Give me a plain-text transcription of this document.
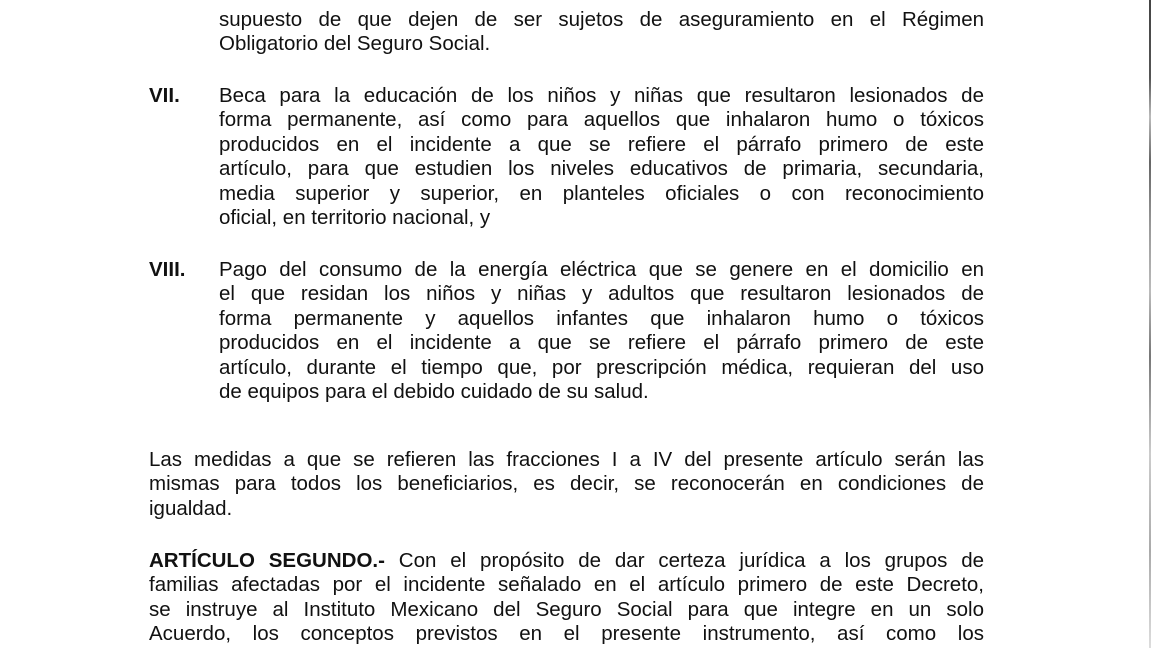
supuesto de que dejen de ser sujetos de aseguramiento en el Régimen
Obligatorio del Seguro Social.
VII. Beca para la educación de los niños y niñas que resultaron lesionados de
forma permanente, así como para aquellos que inhalaron humo o tóxicos
producidos en el incidente a que se refiere el párrafo primero de este
artículo, para que estudien los niveles educativos de primaria, secundaria,
media superior y superior, en planteles oficiales o con reconocimiento
oficial, en territorio nacional, y
VIII. Pago del consumo de la energía eléctrica que se genere en el domicilio en
el que residan los niños y niñas y adultos que resultaron lesionados de
forma permanente y aquellos infantes que inhalaron humo o tóxicos
producidos en el incidente a que se refiere el párrafo primero de este
artículo, durante el tiempo que, por prescripción médica, requieran del uso
de equipos para el debido cuidado de su salud.
Las medidas a que se refieren las fracciones I a IV del presente artículo serán las
mismas para todos los beneficiarios, es decir, se reconocerán en condiciones de
igualdad.
ARTÍCULO SEGUNDO.- Con el propósito de dar certeza jurídica a los grupos de
familias afectadas por el incidente señalado en el artículo primero de este Decreto,
se instruye al Instituto Mexicano del Seguro Social para que integre en un solo
Acuerdo, los conceptos previstos en el presente instrumento, así como los
